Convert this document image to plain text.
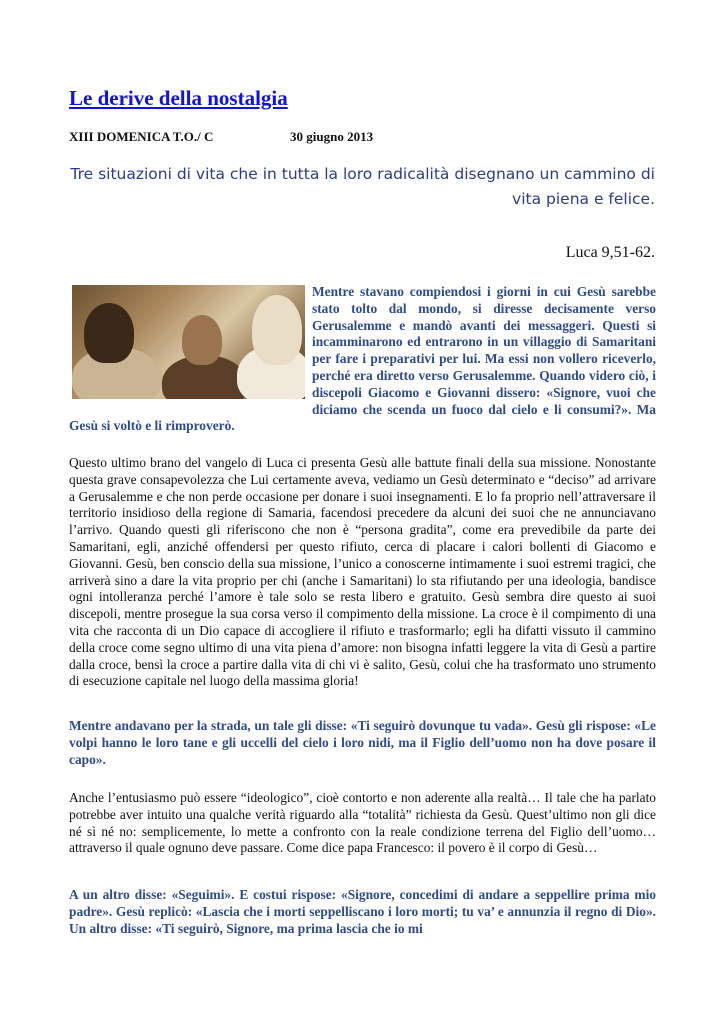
Le derive della nostalgia
XIII DOMENICA T.O./ C	30 giugno 2013

Tre situazioni di vita che in tutta la loro radicalità disegnano un cammino di vita piena e felice.

Luca 9,51-62.

Mentre stavano compiendosi i giorni in cui Gesù sarebbe stato tolto dal mondo, si diresse decisamente verso Gerusalemme e mandò avanti dei messaggeri. Questi si incamminarono ed entrarono in un villaggio di Samaritani per fare i preparativi per lui. Ma essi non vollero riceverlo, perché era diretto verso Gerusalemme. Quando videro ciò, i discepoli Giacomo e Giovanni dissero: «Signore, vuoi che diciamo che scenda un fuoco dal cielo e li consumi?». Ma Gesù si voltò e li rimproverò.

Questo ultimo brano del vangelo di Luca ci presenta Gesù alle battute finali della sua missione. Nonostante questa grave consapevolezza che Lui certamente aveva, vediamo un Gesù determinato e “deciso” ad arrivare a Gerusalemme e che non perde occasione per donare i suoi insegnamenti. E lo fa proprio nell’attraversare il territorio insidioso della regione di Samaria, facendosi precedere da alcuni dei suoi che ne annunciavano l’arrivo. Quando questi gli riferiscono che non è “persona gradita”, come era prevedibile da parte dei Samaritani, egli, anziché offendersi per questo rifiuto, cerca di placare i calori bollenti di Giacomo e Giovanni. Gesù, ben conscio della sua missione, l’unico a conoscerne intimamente i suoi estremi tragici, che arriverà sino a dare la vita proprio per chi (anche i Samaritani) lo sta rifiutando per una ideologia, bandisce ogni intolleranza perché l’amore è tale solo se resta libero e gratuito. Gesù sembra dire questo ai suoi discepoli, mentre prosegue la sua corsa verso il compimento della missione. La croce è il compimento di una vita che racconta di un Dio capace di accogliere il rifiuto e trasformarlo; egli ha difatti vissuto il cammino della croce come segno ultimo di una vita piena d’amore: non bisogna infatti leggere la vita di Gesù a partire dalla croce, bensì la croce a partire dalla vita di chi vi è salito, Gesù, colui che ha trasformato uno strumento di esecuzione capitale nel luogo della massima gloria!

Mentre andavano per la strada, un tale gli disse: «Ti seguirò dovunque tu vada». Gesù gli rispose: «Le volpi hanno le loro tane e gli uccelli del cielo i loro nidi, ma il Figlio dell’uomo non ha dove posare il capo».

Anche l’entusiasmo può essere “ideologico”, cioè contorto e non aderente alla realtà… Il tale che ha parlato potrebbe aver intuito una qualche verità riguardo alla “totalità” richiesta da Gesù. Quest’ultimo non gli dice né sì né no: semplicemente, lo mette a confronto con la reale condizione terrena del Figlio dell’uomo… attraverso il quale ognuno deve passare. Come dice papa Francesco: il povero è il corpo di Gesù…

A un altro disse: «Seguimi». E costui rispose: «Signore, concedimi di andare a seppellire prima mio padre». Gesù replicò: «Lascia che i morti seppelliscano i loro morti; tu va’ e annunzia il regno di Dio». Un altro disse: «Ti seguirò, Signore, ma prima lascia che io mi
